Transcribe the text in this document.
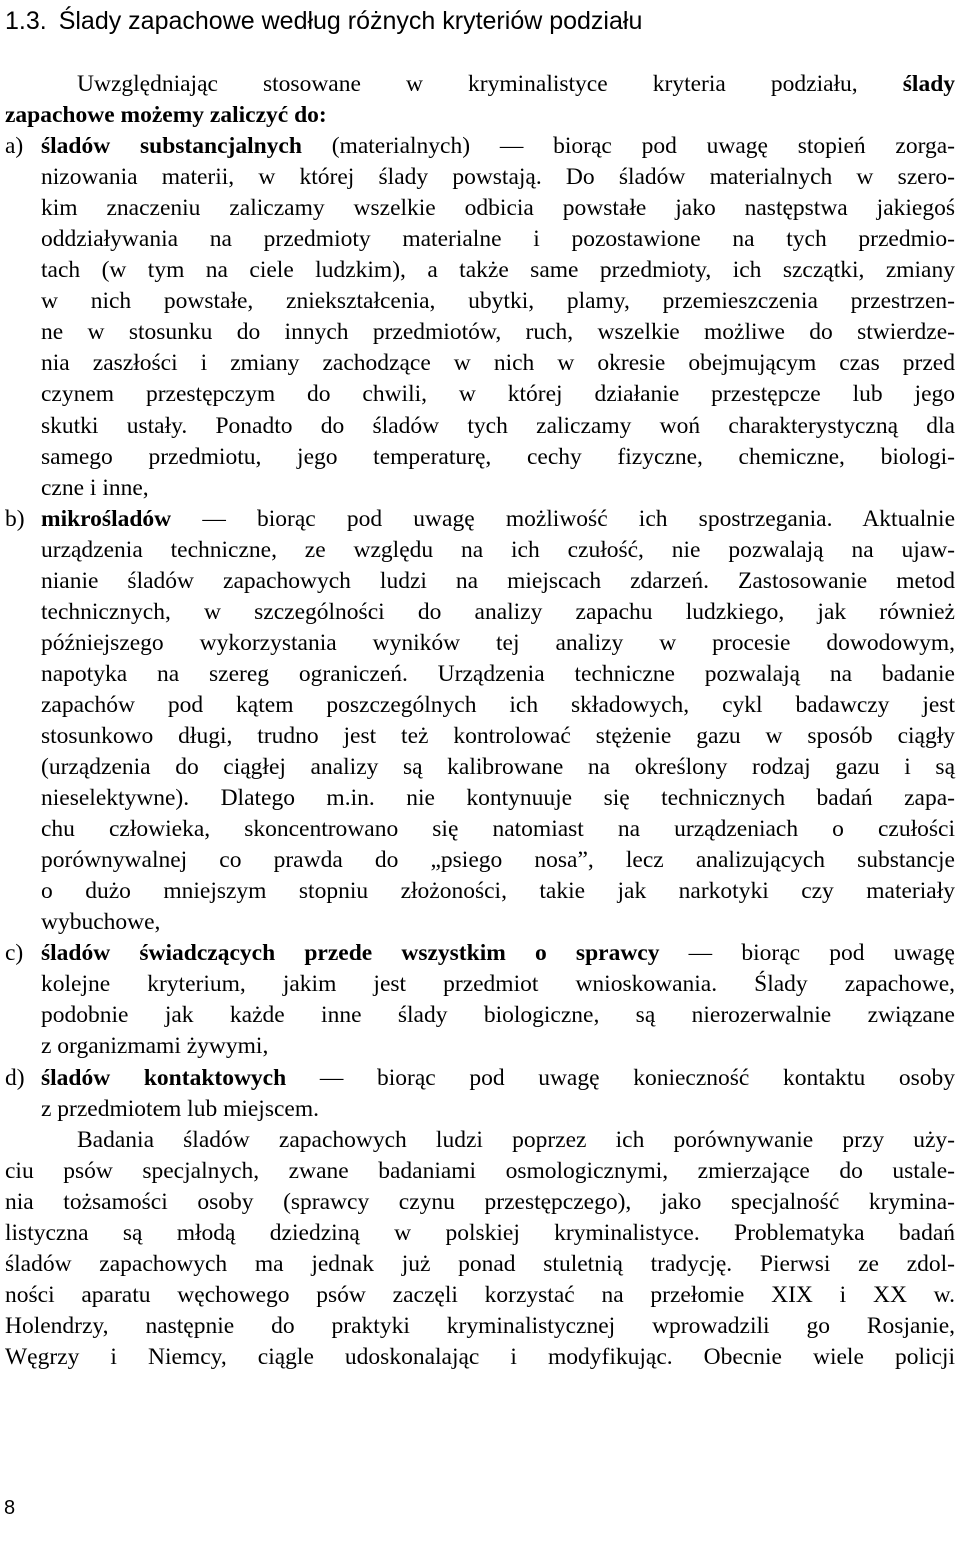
1.3. Ślady zapachowe według różnych kryteriów podziału
Uwzględniając stosowane w kryminalistyce kryteria podziału, ślady
zapachowe możemy zaliczyć do:
a) śladów substancjalnych (materialnych) — biorąc pod uwagę stopień zorga-
nizowania materii, w której ślady powstają. Do śladów materialnych w szero-
kim znaczeniu zaliczamy wszelkie odbicia powstałe jako następstwa jakiegoś
oddziaływania na przedmioty materialne i pozostawione na tych przedmio-
tach (w tym na ciele ludzkim), a także same przedmioty, ich szczątki, zmiany
w nich powstałe, zniekształcenia, ubytki, plamy, przemieszczenia przestrzen-
ne w stosunku do innych przedmiotów, ruch, wszelkie możliwe do stwierdze-
nia zaszłości i zmiany zachodzące w nich w okresie obejmującym czas przed
czynem przestępczym do chwili, w której działanie przestępcze lub jego
skutki ustały. Ponadto do śladów tych zaliczamy woń charakterystyczną dla
samego przedmiotu, jego temperaturę, cechy fizyczne, chemiczne, biologi-
czne i inne,
b) mikrośladów — biorąc pod uwagę możliwość ich spostrzegania. Aktualnie
urządzenia techniczne, ze względu na ich czułość, nie pozwalają na ujaw-
nianie śladów zapachowych ludzi na miejscach zdarzeń. Zastosowanie metod
technicznych, w szczególności do analizy zapachu ludzkiego, jak również
późniejszego wykorzystania wyników tej analizy w procesie dowodowym,
napotyka na szereg ograniczeń. Urządzenia techniczne pozwalają na badanie
zapachów pod kątem poszczególnych ich składowych, cykl badawczy jest
stosunkowo długi, trudno jest też kontrolować stężenie gazu w sposób ciągły
(urządzenia do ciągłej analizy są kalibrowane na określony rodzaj gazu i są
nieselektywne). Dlatego m.in. nie kontynuuje się technicznych badań zapa-
chu człowieka, skoncentrowano się natomiast na urządzeniach o czułości
porównywalnej co prawda do „psiego nosa”, lecz analizujących substancje
o dużo mniejszym stopniu złożoności, takie jak narkotyki czy materiały
wybuchowe,
c) śladów świadczących przede wszystkim o sprawcy — biorąc pod uwagę
kolejne kryterium, jakim jest przedmiot wnioskowania. Ślady zapachowe,
podobnie jak każde inne ślady biologiczne, są nierozerwalnie związane
z organizmami żywymi,
d) śladów kontaktowych — biorąc pod uwagę konieczność kontaktu osoby
z przedmiotem lub miejscem.
Badania śladów zapachowych ludzi poprzez ich porównywanie przy uży-
ciu psów specjalnych, zwane badaniami osmologicznymi, zmierzające do ustale-
nia tożsamości osoby (sprawcy czynu przestępczego), jako specjalność krymina-
listyczna są młodą dziedziną w polskiej kryminalistyce. Problematyka badań
śladów zapachowych ma jednak już ponad stuletnią tradycję. Pierwsi ze zdol-
ności aparatu węchowego psów zaczęli korzystać na przełomie XIX i XX w.
Holendrzy, następnie do praktyki kryminalistycznej wprowadzili go Rosjanie,
Węgrzy i Niemcy, ciągle udoskonalając i modyfikując. Obecnie wiele policji
8
